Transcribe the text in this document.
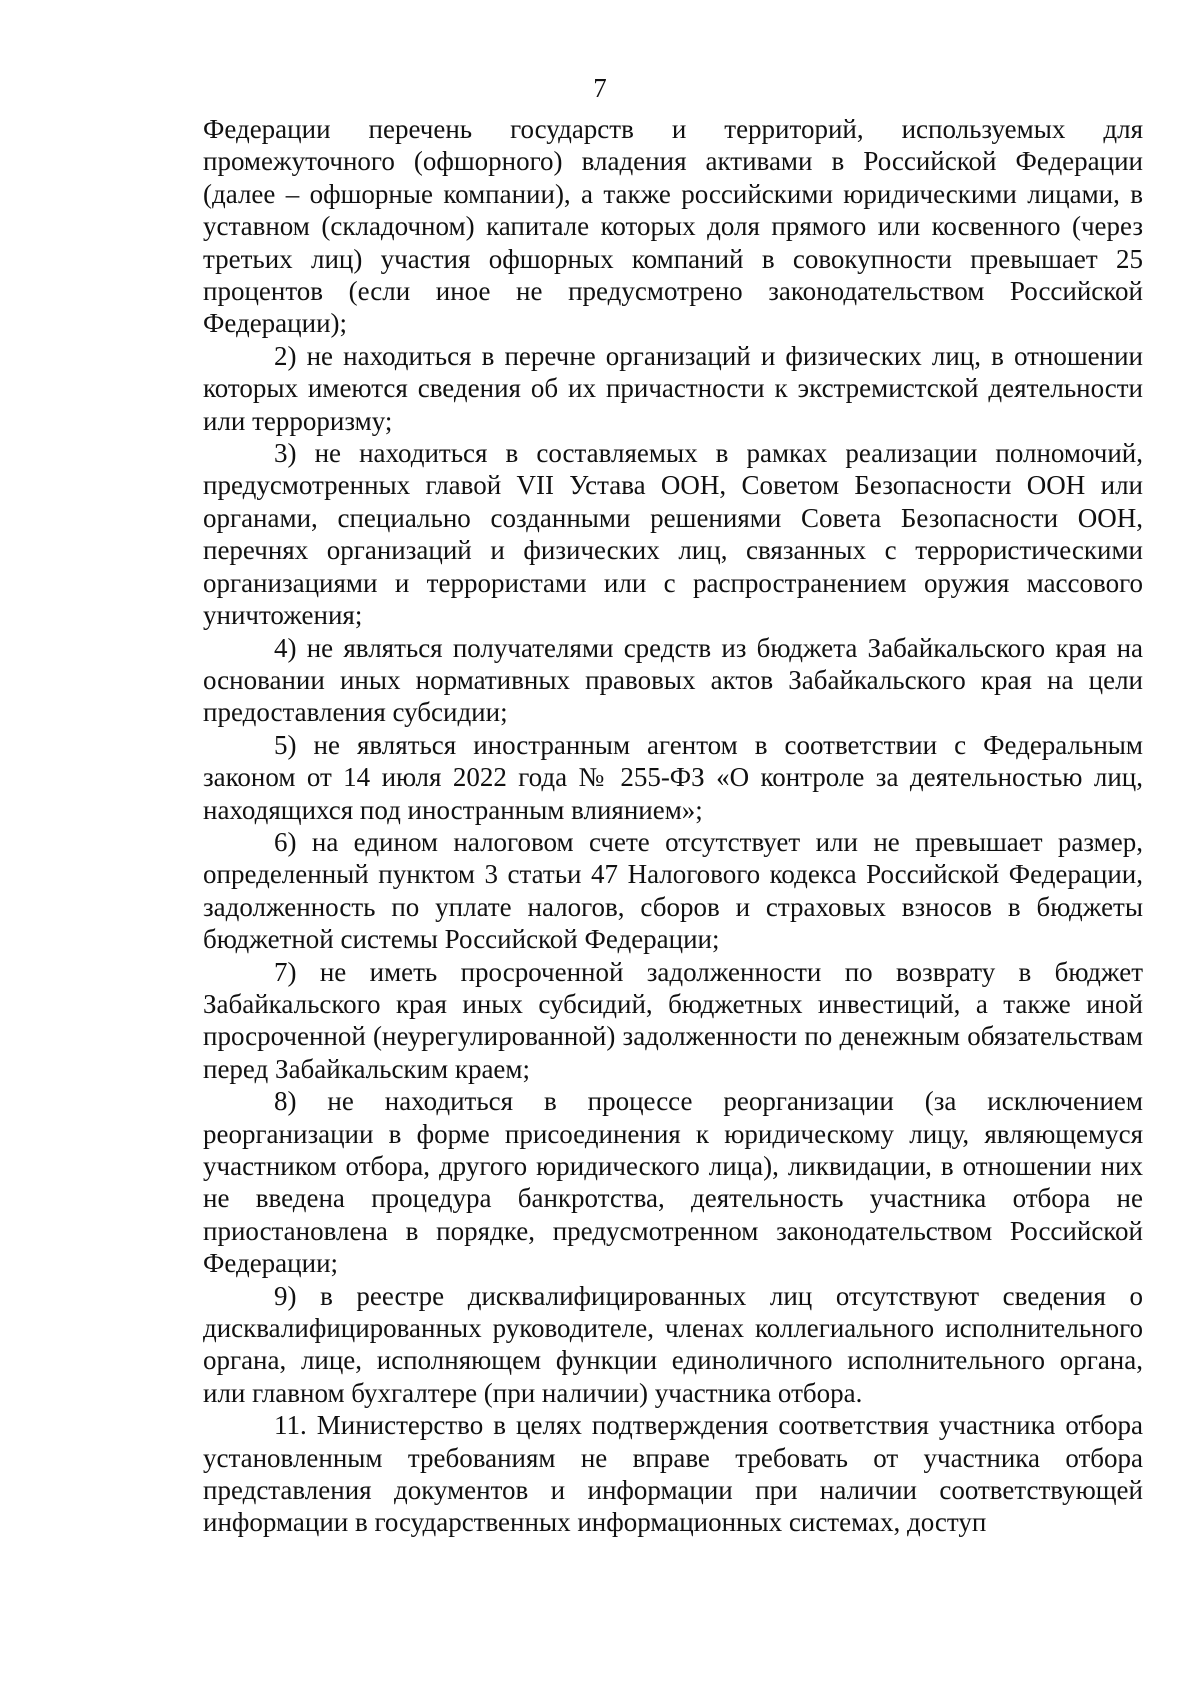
7

Федерации перечень государств и территорий, используемых для промежуточного (офшорного) владения активами в Российской Федерации (далее – офшорные компании), а также российскими юридическими лицами, в уставном (складочном) капитале которых доля прямого или косвенного (через третьих лиц) участия офшорных компаний в совокупности превышает 25 процентов (если иное не предусмотрено законодательством Российской Федерации);

2) не находиться в перечне организаций и физических лиц, в отношении которых имеются сведения об их причастности к экстремистской деятельности или терроризму;

3) не находиться в составляемых в рамках реализации полномочий, предусмотренных главой VII Устава ООН, Советом Безопасности ООН или органами, специально созданными решениями Совета Безопасности ООН, перечнях организаций и физических лиц, связанных с террористическими организациями и террористами или с распространением оружия массового уничтожения;

4) не являться получателями средств из бюджета Забайкальского края на основании иных нормативных правовых актов Забайкальского края на цели предоставления субсидии;

5) не являться иностранным агентом в соответствии с Федеральным законом от 14 июля 2022 года № 255-ФЗ «О контроле за деятельностью лиц, находящихся под иностранным влиянием»;

6) на едином налоговом счете отсутствует или не превышает размер, определенный пунктом 3 статьи 47 Налогового кодекса Российской Федерации, задолженность по уплате налогов, сборов и страховых взносов в бюджеты бюджетной системы Российской Федерации;

7) не иметь просроченной задолженности по возврату в бюджет Забайкальского края иных субсидий, бюджетных инвестиций, а также иной просроченной (неурегулированной) задолженности по денежным обязательствам перед Забайкальским краем;

8) не находиться в процессе реорганизации (за исключением реорганизации в форме присоединения к юридическому лицу, являющемуся участником отбора, другого юридического лица), ликвидации, в отношении них не введена процедура банкротства, деятельность участника отбора не приостановлена в порядке, предусмотренном законодательством Российской Федерации;

9) в реестре дисквалифицированных лиц отсутствуют сведения о дисквалифицированных руководителе, членах коллегиального исполнительного органа, лице, исполняющем функции единоличного исполнительного органа, или главном бухгалтере (при наличии) участника отбора.

11. Министерство в целях подтверждения соответствия участника отбора установленным требованиям не вправе требовать от участника отбора представления документов и информации при наличии соответствующей информации в государственных информационных системах, доступ
